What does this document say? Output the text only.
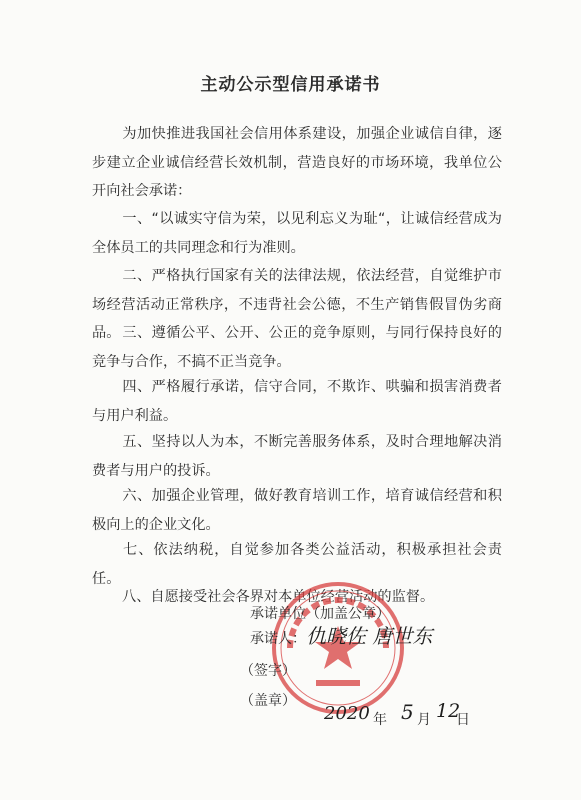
主动公示型信用承诺书
为加快推进我国社会信用体系建设，加强企业诚信自律，逐步建立企业诚信经营长效机制，营造良好的市场环境，我单位公开向社会承诺：
一、“以诚实守信为荣，以见利忘义为耻“，让诚信经营成为全体员工的共同理念和行为准则。
二、严格执行国家有关的法律法规，依法经营，自觉维护市场经营活动正常秩序，不违背社会公德，不生产销售假冒伪劣商品。 三、遵循公平、公开、公正的竞争原则，与同行保持良好的竞争与合作，不搞不正当竞争。
四、严格履行承诺，信守合同，不欺诈、哄骗和损害消费者与用户利益。
五、坚持以人为本，不断完善服务体系，及时合理地解决消费者与用户的投诉。
六、加强企业管理，做好教育培训工作，培育诚信经营和积极向上的企业文化。
七、依法纳税，自觉参加各类公益活动，积极承担社会责任。
八、自愿接受社会各界对本单位经营活动的监督。
承诺单位（加盖公章）
承诺人： 仇晓佐 唐世东
（签字）
（盖章）
2020 年 5 月 12
日
